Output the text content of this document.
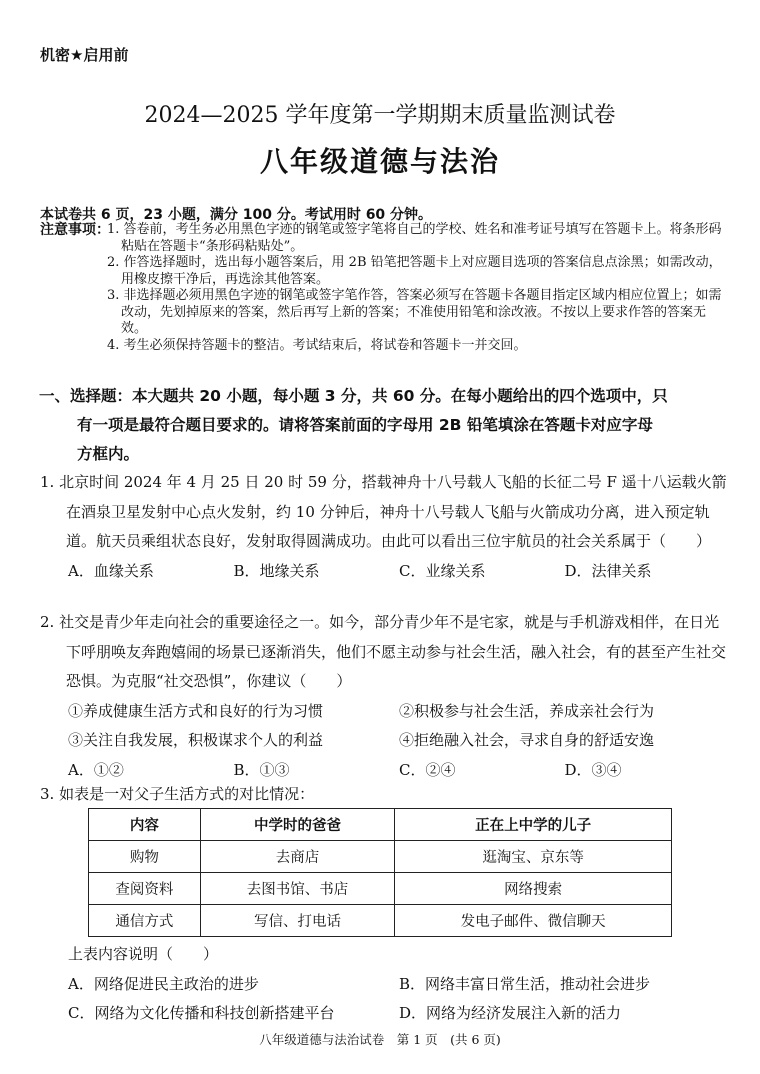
机密★启用前
2024—2025 学年度第一学期期末质量监测试卷
八年级道德与法治
本试卷共 6 页，23 小题，满分 100 分。考试用时 60 分钟。
注意事项：
1. 答卷前，考生务必用黑色字迹的钢笔或签字笔将自己的学校、姓名和准考证号填写在答题卡上。将条形码粘贴在答题卡“条形码粘贴处”。
2. 作答选择题时，选出每小题答案后，用 2B 铅笔把答题卡上对应题目选项的答案信息点涂黑；如需改动，用橡皮擦干净后，再选涂其他答案。
3. 非选择题必须用黑色字迹的钢笔或签字笔作答，答案必须写在答题卡各题目指定区域内相应位置上；如需改动，先划掉原来的答案，然后再写上新的答案；不准使用铅笔和涂改液。不按以上要求作答的答案无效。
4. 考生必须保持答题卡的整洁。考试结束后，将试卷和答题卡一并交回。

一、选择题：本大题共 20 小题，每小题 3 分，共 60 分。在每小题给出的四个选项中，只

有一项是最符合题目要求的。请将答案前面的字母用 2B 铅笔填涂在答题卡对应字母

方框内。

1. 北京时间 2024 年 4 月 25 日 20 时 59 分，搭载神舟十八号载人飞船的长征二号 F 遥十八运载火箭在酒泉卫星发射中心点火发射，约 10 分钟后，神舟十八号载人飞船与火箭成功分离，进入预定轨道。航天员乘组状态良好，发射取得圆满成功。由此可以看出三位宇航员的社会关系属于（　　）
A．血缘关系	B．地缘关系	C．业缘关系	D．法律关系
2. 社交是青少年走向社会的重要途径之一。如今，部分青少年不是宅家，就是与手机游戏相伴，在日光下呼朋唤友奔跑嬉闹的场景已逐渐消失，他们不愿主动参与社会生活，融入社会，有的甚至产生社交恐惧。为克服“社交恐惧”，你建议（　　）
①养成健康生活方式和良好的行为习惯	②积极参与社会生活，养成亲社会行为
③关注自我发展，积极谋求个人的利益	④拒绝融入社会，寻求自身的舒适安逸
A．①②	B．①③	C．②④	D．③④
3. 如表是一对父子生活方式的对比情况：
内容	中学时的爸爸	正在上中学的儿子
购物	去商店	逛淘宝、京东等
查阅资料	去图书馆、书店	网络搜索
通信方式	写信、打电话	发电子邮件、微信聊天
上表内容说明（　　）
A．网络促进民主政治的进步	B．网络丰富日常生活，推动社会进步
C．网络为文化传播和科技创新搭建平台	D．网络为经济发展注入新的活力
八年级道德与法治试卷　第 1 页　(共 6 页)
